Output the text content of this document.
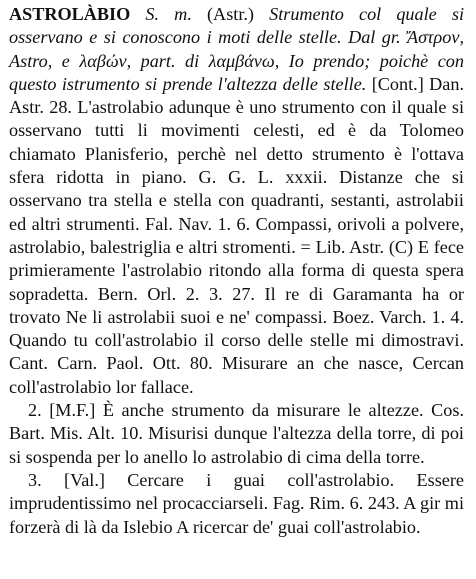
ASTROLÀBIO S. m. (Astr.) Strumento col quale si osservano e si conoscono i moti delle stelle. Dal gr. Ἄστρον, Astro, e λαβών, part. di λαμβάνω, Io prendo; poichè con questo istrumento si prende l'altezza delle stelle. [Cont.] Dan. Astr. 28. L'astrolabio adunque è uno strumento con il quale si osservano tutti li movimenti celesti, ed è da Tolomeo chiamato Planisferio, perchè nel detto strumento è l'ottava sfera ridotta in piano. G. G. L. xxxii. Distanze che si osservano tra stella e stella con quadranti, sestanti, astrolabii ed altri strumenti. Fal. Nav. 1. 6. Compassi, orivoli a polvere, astrolabio, balestriglia e altri stromenti. = Lib. Astr. (C) E fece primieramente l'astrolabio ritondo alla forma di questa spera sopradetta. Bern. Orl. 2. 3. 27. Il re di Garamanta ha or trovato Ne li astrolabii suoi e ne' compassi. Boez. Varch. 1. 4. Quando tu coll'astrolabio il corso delle stelle mi dimostravi. Cant. Carn. Paol. Ott. 80. Misurare an che nasce, Cercan coll'astrolabio lor fallace.

2. [M.F.] È anche strumento da misurare le altezze. Cos. Bart. Mis. Alt. 10. Misurisi dunque l'altezza della torre, di poi si sospenda per lo anello lo astrolabio di cima della torre.

3. [Val.] Cercare i guai coll'astrolabio. Essere imprudentissimo nel procacciarseli. Fag. Rim. 6. 243. A gir mi forzerà di là da Islebio A ricercar de' guai coll'astrolabio.
